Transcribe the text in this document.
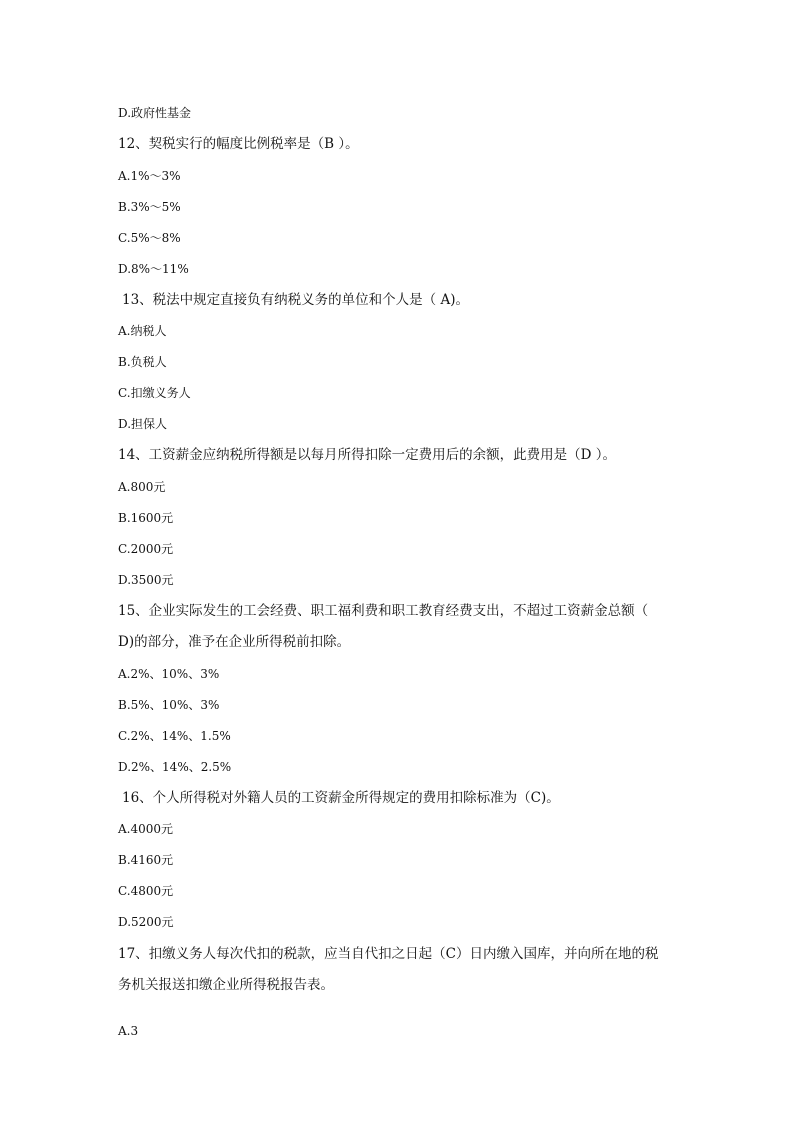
D.政府性基金
12、契税实行的幅度比例税率是（B ）。
A.1%～3%
B.3%～5%
C.5%～8%
D.8%～11%
13、税法中规定直接负有纳税义务的单位和个人是（ A)。
A.纳税人
B.负税人
C.扣缴义务人
D.担保人
14、工资薪金应纳税所得额是以每月所得扣除一定费用后的余额，此费用是（D ）。
A.800元
B.1600元
C.2000元
D.3500元
15、企业实际发生的工会经费、职工福利费和职工教育经费支出，不超过工资薪金总额（
D)的部分，准予在企业所得税前扣除。
A.2%、10%、3%
B.5%、10%、3%
C.2%、14%、1.5%
D.2%、14%、2.5%
16、个人所得税对外籍人员的工资薪金所得规定的费用扣除标准为（C)。
A.4000元
B.4160元
C.4800元
D.5200元
17、扣缴义务人每次代扣的税款，应当自代扣之日起（C）日内缴入国库，并向所在地的税
务机关报送扣缴企业所得税报告表。
A.3
